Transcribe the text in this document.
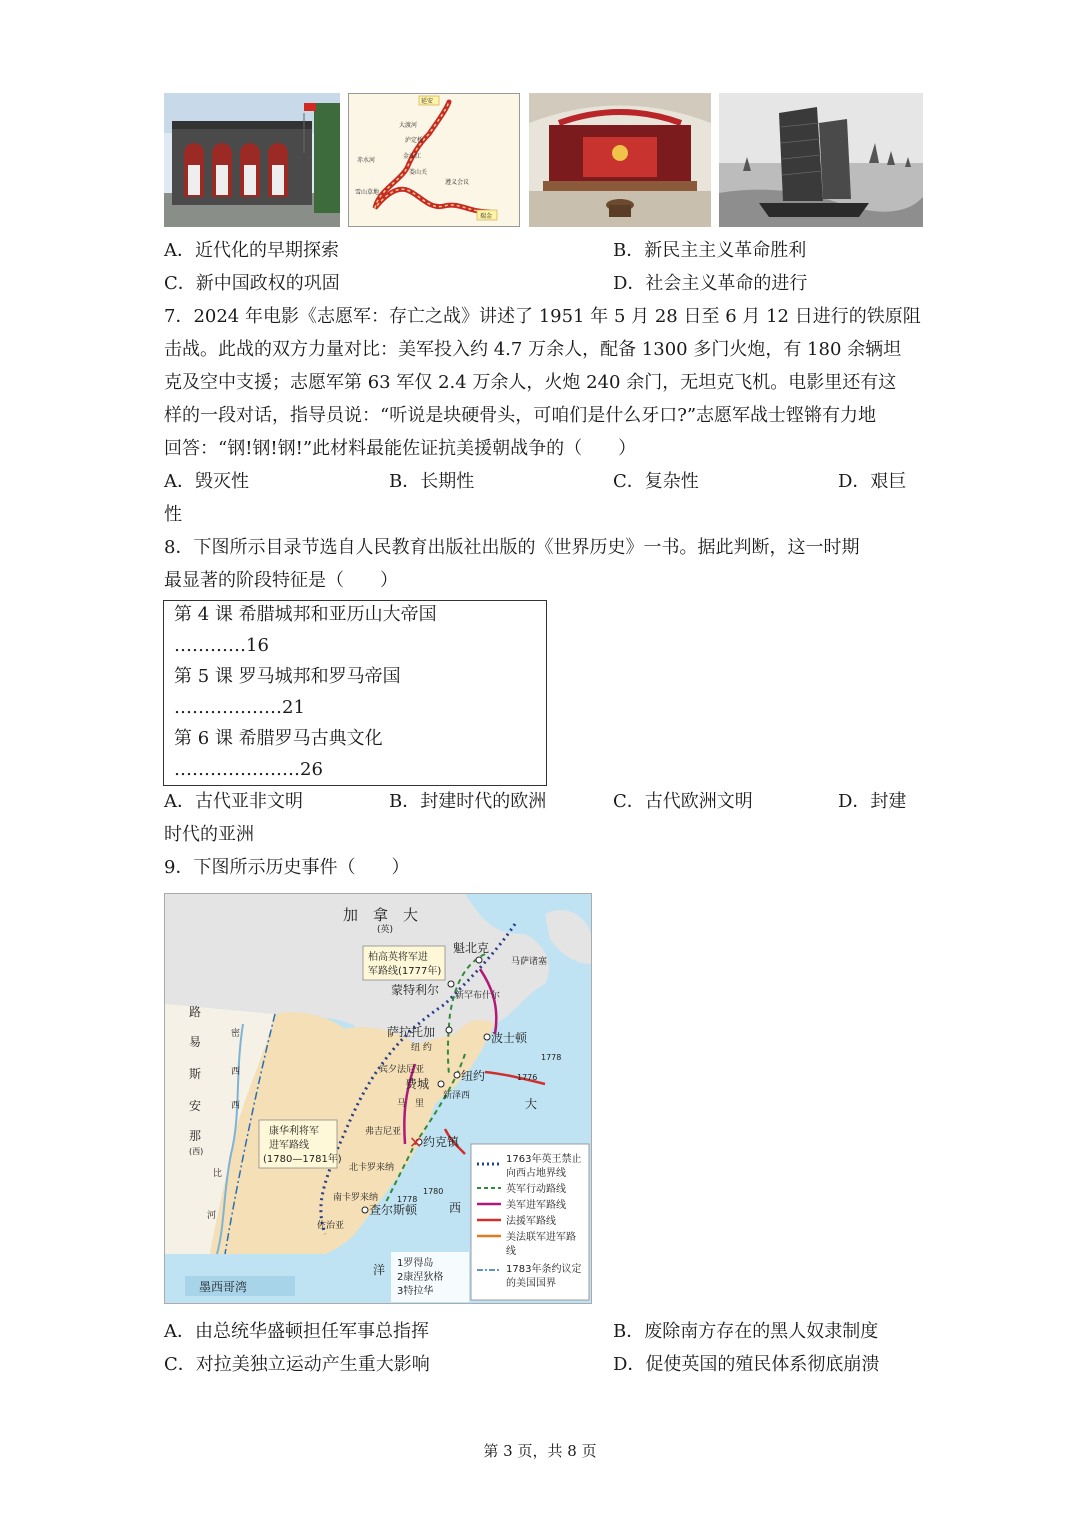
延安
大渡河
泸定桥
金沙江
赤水河
娄山关
遵义会议
雪山草地
瑞金
A．近代化的早期探索	B．新民主主义革命胜利
C．新中国政权的巩固	D．社会主义革命的进行
7．2024 年电影《志愿军：存亡之战》讲述了 1951 年 5 月 28 日至 6 月 12 日进行的铁原阻
击战。此战的双方力量对比：美军投入约 4.7 万余人，配备 1300 多门火炮，有 180 余辆坦
克及空中支援；志愿军第 63 军仅 2.4 万余人，火炮 240 余门，无坦克飞机。电影里还有这
样的一段对话，指导员说：“听说是块硬骨头，可咱们是什么牙口?”志愿军战士铿锵有力地
回答：“钢!钢!钢!”此材料最能佐证抗美援朝战争的（　　）
A．毁灭性	B．长期性	C．复杂性	D．艰巨
性
8．下图所示目录节选自人民教育出版社出版的《世界历史》一书。据此判断，这一时期
最显著的阶段特征是（　　）
第 4 课 希腊城邦和亚历山大帝国
…………16
第 5 课 罗马城邦和罗马帝国
………………21
第 6 课 希腊罗马古典文化
…………………26
A．古代亚非文明	B．封建时代的欧洲	C．古代欧洲文明	D．封建
时代的亚洲
9．下图所示历史事件（　　）
加　拿　大
(英)
路
易
斯
安
那
(西)
密
西
西
比
河
柏高英将军进
军路线(1777年)
康华利将军
进军路线
(1780—1781年)
魁北克
蒙特利尔
萨拉托加	波士顿
纽约
费城
约克镇
查尔斯顿
纽 约
新泽西
弗吉尼亚
宾夕法尼亚
马　里
北卡罗来纳
南卡罗来纳
佐治亚
新罕布什尔
马萨诸塞
✕
大
西
洋
1776
1778
1780
1778
墨西哥湾
1罗得岛
2康涅狄格
3特拉华
1763年英王禁止
向西占地界线
英军行动路线
美军进军路线
法援军路线
美法联军进军路
线
1783年条约议定
的美国国界
A．由总统华盛顿担任军事总指挥	B．废除南方存在的黑人奴隶制度
C．对拉美独立运动产生重大影响	D．促使英国的殖民体系彻底崩溃
第 3 页，共 8 页
